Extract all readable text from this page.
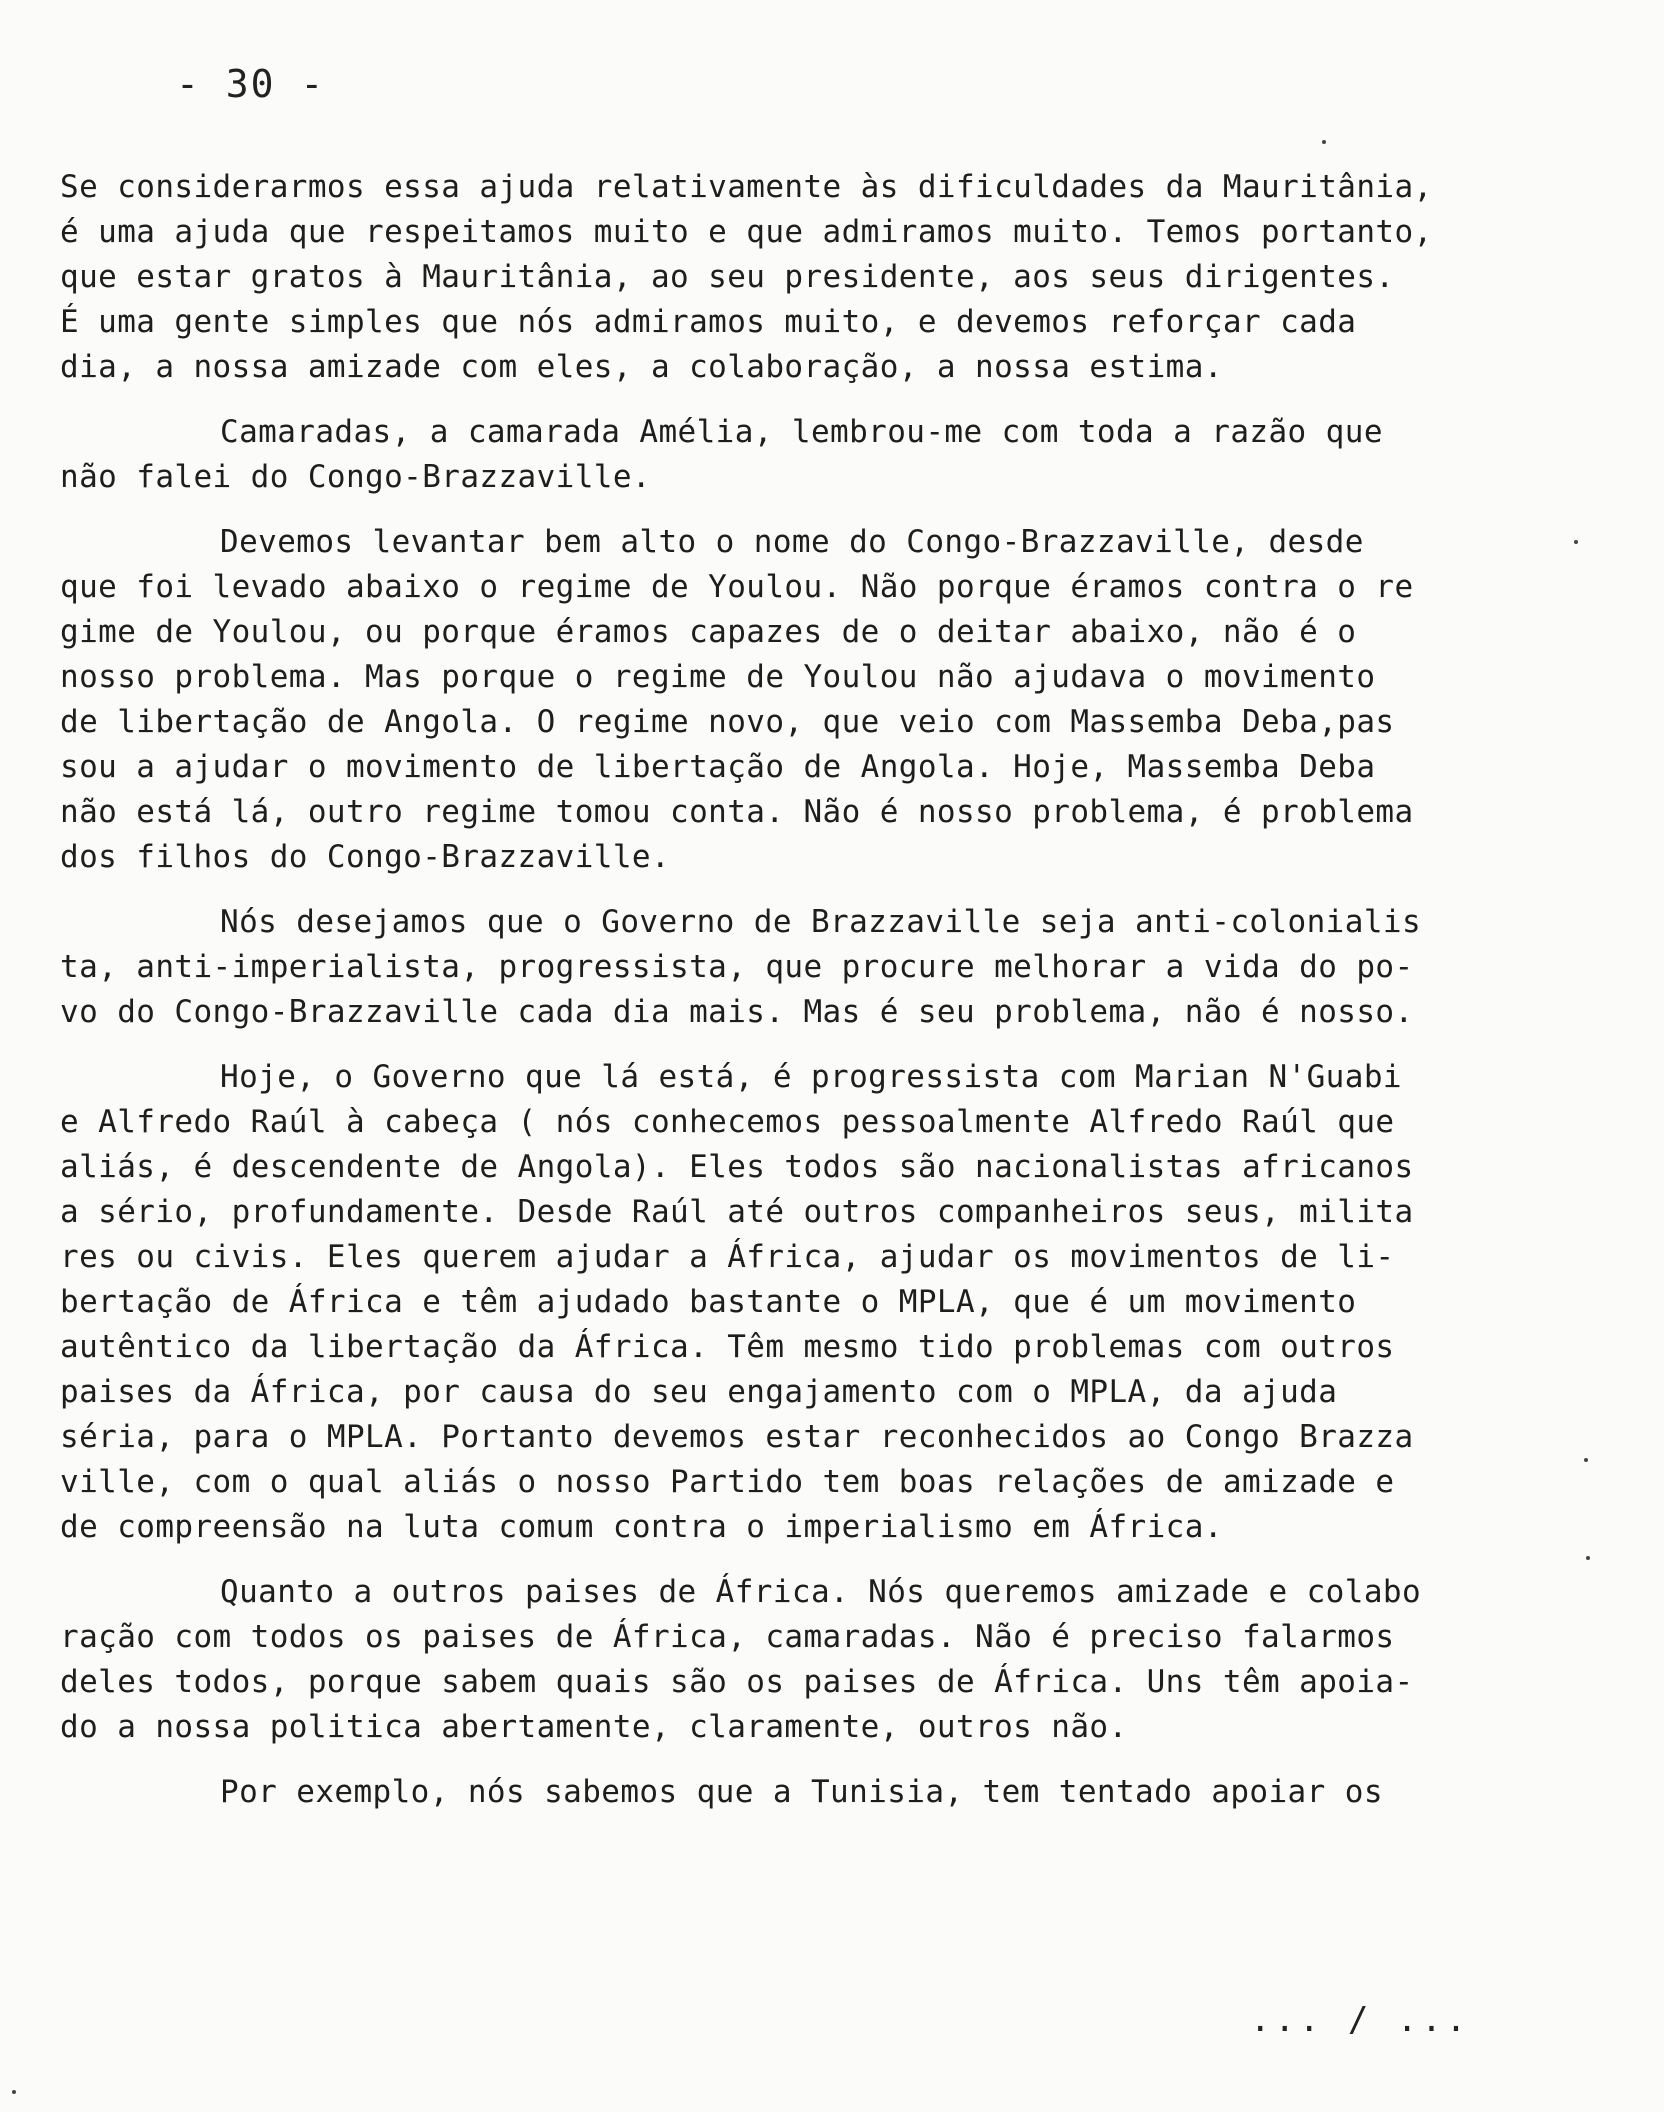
- 30 -

Se considerarmos essa ajuda relativamente às dificuldades da Mauritânia,
é uma ajuda que respeitamos muito e que admiramos muito. Temos portanto,
que estar gratos à Mauritânia, ao seu presidente, aos seus dirigentes.
É uma gente simples que nós admiramos muito, e devemos reforçar cada
dia, a nossa amizade com eles, a colaboração, a nossa estima.

Camaradas, a camarada Amélia, lembrou-me com toda a razão que
não falei do Congo-Brazzaville.

Devemos levantar bem alto o nome do Congo-Brazzaville, desde
que foi levado abaixo o regime de Youlou. Não porque éramos contra o re
gime de Youlou, ou porque éramos capazes de o deitar abaixo, não é o
nosso problema. Mas porque o regime de Youlou não ajudava o movimento
de libertação de Angola. O regime novo, que veio com Massemba Deba,pas
sou a ajudar o movimento de libertação de Angola. Hoje, Massemba Deba
não está lá, outro regime tomou conta. Não é nosso problema, é problema
dos filhos do Congo-Brazzaville.

Nós desejamos que o Governo de Brazzaville seja anti-colonialis
ta, anti-imperialista, progressista, que procure melhorar a vida do po-
vo do Congo-Brazzaville cada dia mais. Mas é seu problema, não é nosso.

Hoje, o Governo que lá está, é progressista com Marian N'Guabi
e Alfredo Raúl à cabeça ( nós conhecemos pessoalmente Alfredo Raúl que
aliás, é descendente de Angola). Eles todos são nacionalistas africanos
a sério, profundamente. Desde Raúl até outros companheiros seus, milita
res ou civis. Eles querem ajudar a África, ajudar os movimentos de li-
bertação de África e têm ajudado bastante o MPLA, que é um movimento
autêntico da libertação da África. Têm mesmo tido problemas com outros
paises da África, por causa do seu engajamento com o MPLA, da ajuda
séria, para o MPLA. Portanto devemos estar reconhecidos ao Congo Brazza
ville, com o qual aliás o nosso Partido tem boas relações de amizade e
de compreensão na luta comum contra o imperialismo em África.

Quanto a outros paises de África. Nós queremos amizade e colabo
ração com todos os paises de África, camaradas. Não é preciso falarmos
deles todos, porque sabem quais são os paises de África. Uns têm apoia-
do a nossa politica abertamente, claramente, outros não.

Por exemplo, nós sabemos que a Tunisia, tem tentado apoiar os

... / ...
